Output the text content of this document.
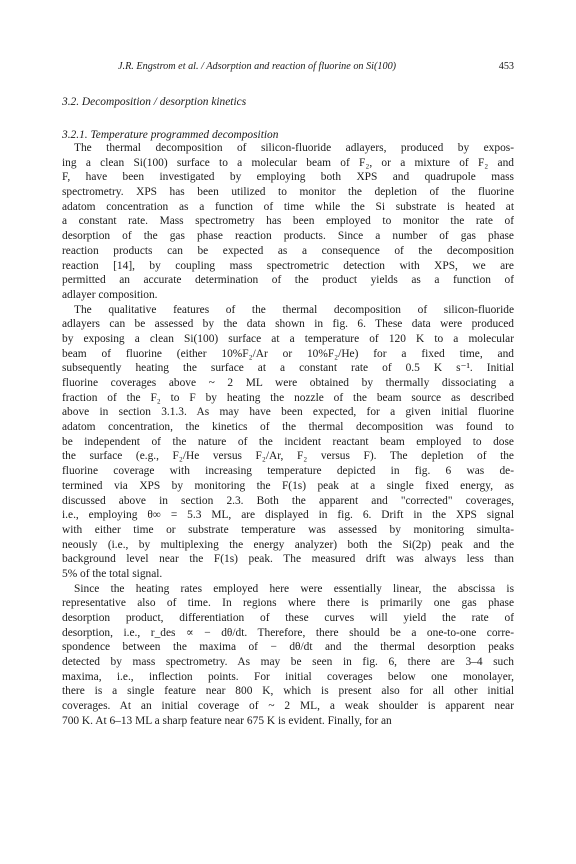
J.R. Engstrom et al. / Adsorption and reaction of fluorine on Si(100)	453
3.2. Decomposition / desorption kinetics
3.2.1. Temperature programmed decomposition
The thermal decomposition of silicon-fluoride adlayers, produced by expos-
ing a clean Si(100) surface to a molecular beam of F₂, or a mixture of F₂ and
F, have been investigated by employing both XPS and quadrupole mass
spectrometry. XPS has been utilized to monitor the depletion of the fluorine
adatom concentration as a function of time while the Si substrate is heated at
a constant rate. Mass spectrometry has been employed to monitor the rate of
desorption of the gas phase reaction products. Since a number of gas phase
reaction products can be expected as a consequence of the decomposition
reaction [14], by coupling mass spectrometric detection with XPS, we are
permitted an accurate determination of the product yields as a function of
adlayer composition.
The qualitative features of the thermal decomposition of silicon-fluoride
adlayers can be assessed by the data shown in fig. 6. These data were produced
by exposing a clean Si(100) surface at a temperature of 120 K to a molecular
beam of fluorine (either 10%F₂/Ar or 10%F₂/He) for a fixed time, and
subsequently heating the surface at a constant rate of 0.5 K s⁻¹. Initial
fluorine coverages above ~ 2 ML were obtained by thermally dissociating a
fraction of the F₂ to F by heating the nozzle of the beam source as described
above in section 3.1.3. As may have been expected, for a given initial fluorine
adatom concentration, the kinetics of the thermal decomposition was found to
be independent of the nature of the incident reactant beam employed to dose
the surface (e.g., F₂/He versus F₂/Ar, F₂ versus F). The depletion of the
fluorine coverage with increasing temperature depicted in fig. 6 was de-
termined via XPS by monitoring the F(1s) peak at a single fixed energy, as
discussed above in section 2.3. Both the apparent and "corrected" coverages,
i.e., employing θ∞ = 5.3 ML, are displayed in fig. 6. Drift in the XPS signal
with either time or substrate temperature was assessed by monitoring simulta-
neously (i.e., by multiplexing the energy analyzer) both the Si(2p) peak and the
background level near the F(1s) peak. The measured drift was always less than
5% of the total signal.
Since the heating rates employed here were essentially linear, the abscissa is
representative also of time. In regions where there is primarily one gas phase
desorption product, differentiation of these curves will yield the rate of
desorption, i.e., r_des ∝ − dθ/dt. Therefore, there should be a one-to-one corre-
spondence between the maxima of − dθ/dt and the thermal desorption peaks
detected by mass spectrometry. As may be seen in fig. 6, there are 3–4 such
maxima, i.e., inflection points. For initial coverages below one monolayer,
there is a single feature near 800 K, which is present also for all other initial
coverages. At an initial coverage of ~ 2 ML, a weak shoulder is apparent near
700 K. At 6–13 ML a sharp feature near 675 K is evident. Finally, for an
